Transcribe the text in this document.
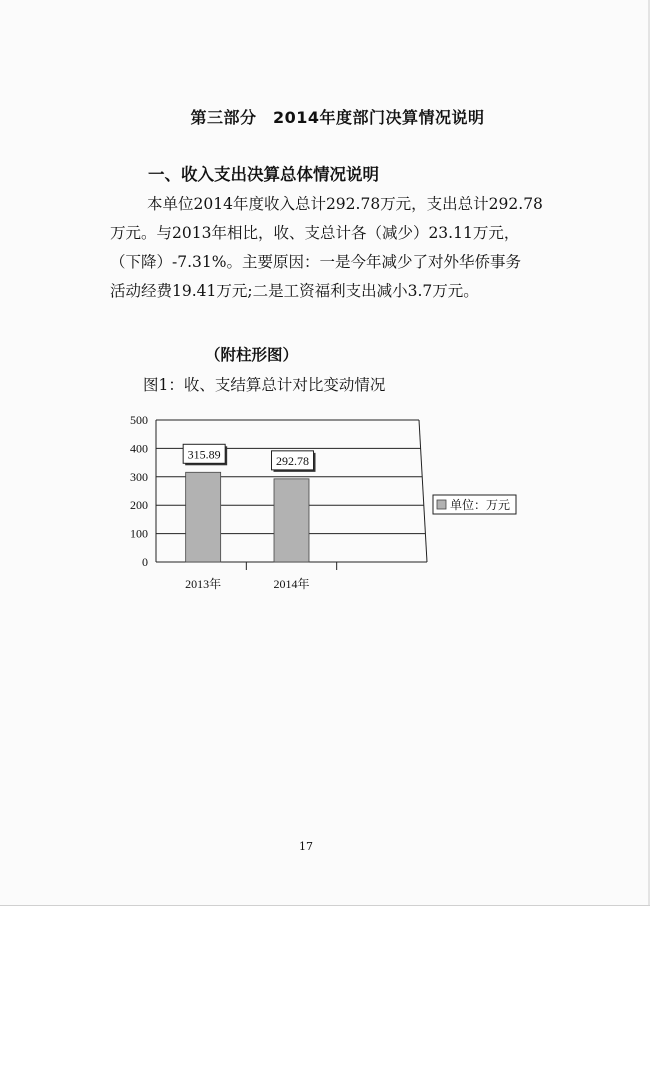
第三部分　2014年度部门决算情况说明
一、收入支出决算总体情况说明

本单位2014年度收入总计292.78万元，支出总计292.78
万元。与2013年相比，收、支总计各（减少）23.11万元，
（下降）-7.31%。主要原因：一是今年减少了对外华侨事务
活动经费19.41万元;二是工资福利支出减小3.7万元。

（附柱形图）
图1：收、支结算总计对比变动情况
0
100
200
300
400
500
315.89
2013年
292.78
2014年
单位：万元
17
